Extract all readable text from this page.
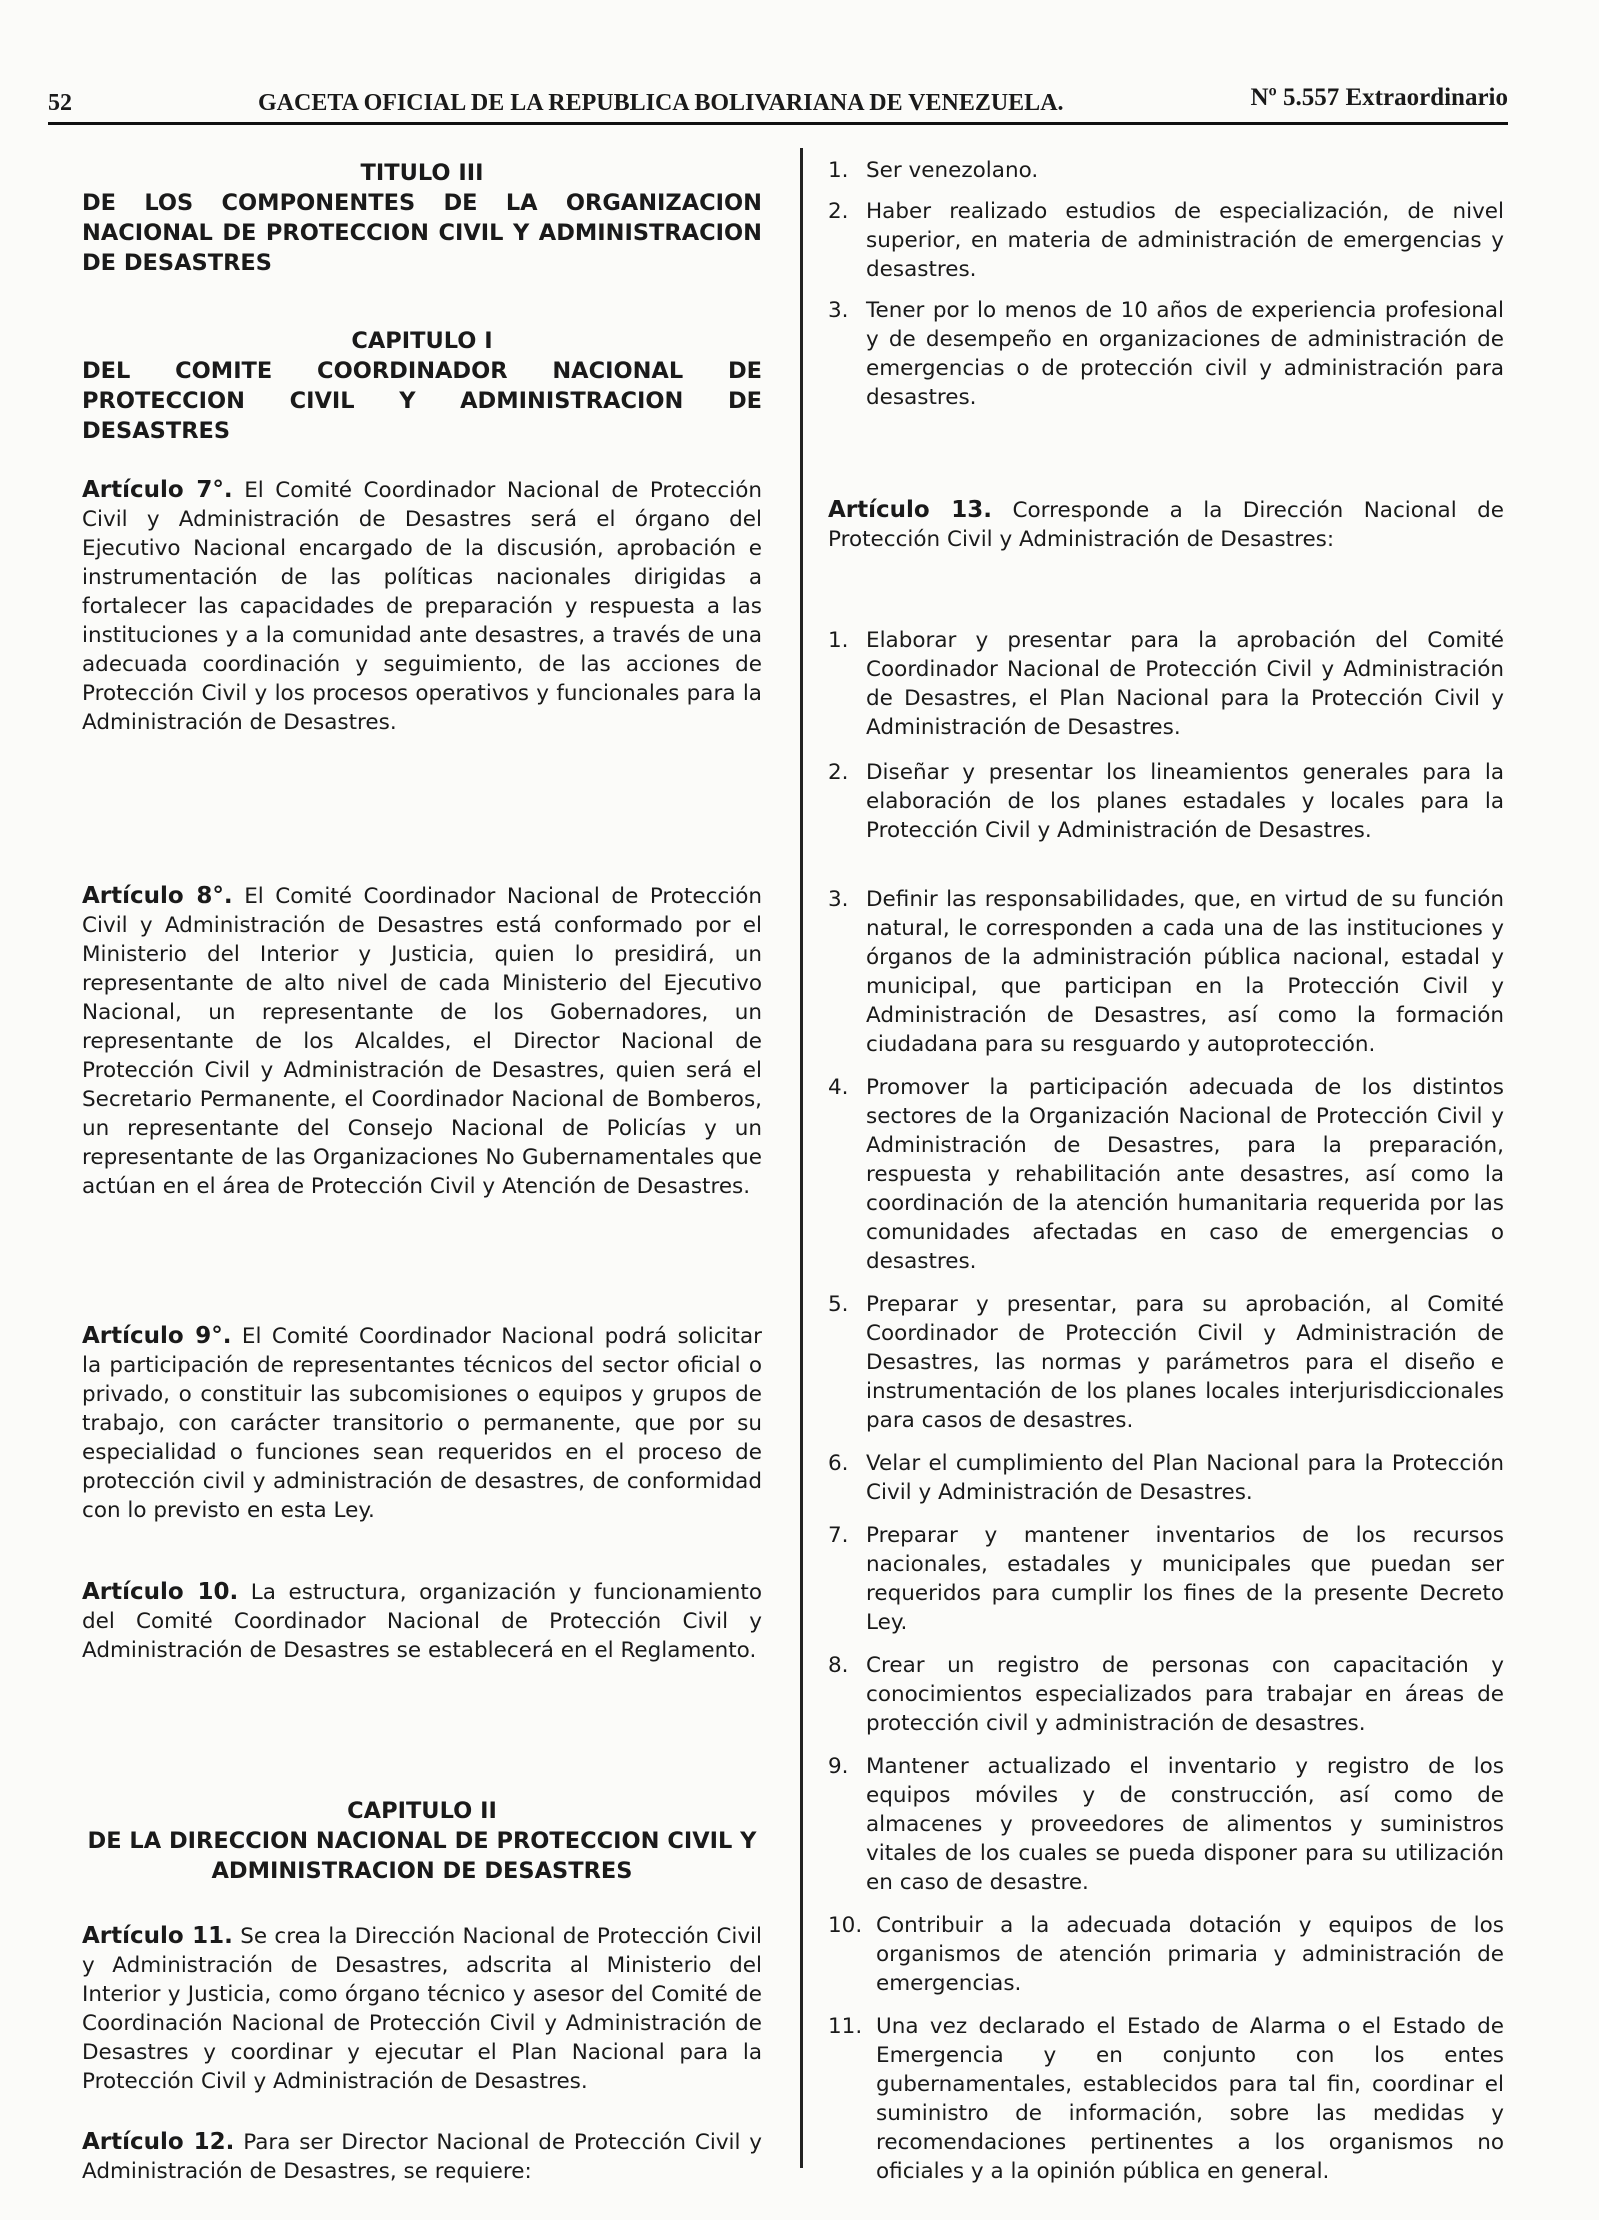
52	GACETA OFICIAL DE LA REPUBLICA BOLIVARIANA DE VENEZUELA.	Nº 5.557 Extraordinario
TITULO III
DE LOS COMPONENTES DE LA ORGANIZACION NACIONAL DE PROTECCION CIVIL Y ADMINISTRACION DE DESASTRES
CAPITULO I
DEL COMITE COORDINADOR NACIONAL DE PROTECCION CIVIL Y ADMINISTRACION DE DESASTRES

Artículo 7°. El Comité Coordinador Nacional de Protección Civil y Administración de Desastres será el órgano del Ejecutivo Nacional encargado de la discusión, aprobación e instrumentación de las políticas nacionales dirigidas a fortalecer las capacidades de preparación y respuesta a las instituciones y a la comunidad ante desastres, a través de una adecuada coordinación y seguimiento, de las acciones de Protección Civil y los procesos operativos y funcionales para la Administración de Desastres.

Artículo 8°. El Comité Coordinador Nacional de Protección Civil y Administración de Desastres está conformado por el Ministerio del Interior y Justicia, quien lo presidirá, un representante de alto nivel de cada Ministerio del Ejecutivo Nacional, un representante de los Gobernadores, un representante de los Alcaldes, el Director Nacional de Protección Civil y Administración de Desastres, quien será el Secretario Permanente, el Coordinador Nacional de Bomberos, un representante del Consejo Nacional de Policías y un representante de las Organizaciones No Gubernamentales que actúan en el área de Protección Civil y Atención de Desastres.

Artículo 9°. El Comité Coordinador Nacional podrá solicitar la participación de representantes técnicos del sector oficial o privado, o constituir las subcomisiones o equipos y grupos de trabajo, con carácter transitorio o permanente, que por su especialidad o funciones sean requeridos en el proceso de protección civil y administración de desastres, de conformidad con lo previsto en esta Ley.

Artículo 10. La estructura, organización y funcionamiento del Comité Coordinador Nacional de Protección Civil y Administración de Desastres se establecerá en el Reglamento.

CAPITULO II
DE LA DIRECCION NACIONAL DE PROTECCION CIVIL Y ADMINISTRACION DE DESASTRES

Artículo 11. Se crea la Dirección Nacional de Protección Civil y Administración de Desastres, adscrita al Ministerio del Interior y Justicia, como órgano técnico y asesor del Comité de Coordinación Nacional de Protección Civil y Administración de Desastres y coordinar y ejecutar el Plan Nacional para la Protección Civil y Administración de Desastres.

Artículo 12. Para ser Director Nacional de Protección Civil y Administración de Desastres, se requiere:

1. Ser venezolano.
2. Haber realizado estudios de especialización, de nivel superior, en materia de administración de emergencias y desastres.
3. Tener por lo menos de 10 años de experiencia profesional y de desempeño en organizaciones de administración de emergencias o de protección civil y administración para desastres.

Artículo 13. Corresponde a la Dirección Nacional de Protección Civil y Administración de Desastres:

1. Elaborar y presentar para la aprobación del Comité Coordinador Nacional de Protección Civil y Administración de Desastres, el Plan Nacional para la Protección Civil y Administración de Desastres.
2. Diseñar y presentar los lineamientos generales para la elaboración de los planes estadales y locales para la Protección Civil y Administración de Desastres.
3. Definir las responsabilidades, que, en virtud de su función natural, le corresponden a cada una de las instituciones y órganos de la administración pública nacional, estadal y municipal, que participan en la Protección Civil y Administración de Desastres, así como la formación ciudadana para su resguardo y autoprotección.
4. Promover la participación adecuada de los distintos sectores de la Organización Nacional de Protección Civil y Administración de Desastres, para la preparación, respuesta y rehabilitación ante desastres, así como la coordinación de la atención humanitaria requerida por las comunidades afectadas en caso de emergencias o desastres.
5. Preparar y presentar, para su aprobación, al Comité Coordinador de Protección Civil y Administración de Desastres, las normas y parámetros para el diseño e instrumentación de los planes locales interjurisdiccionales para casos de desastres.
6. Velar el cumplimiento del Plan Nacional para la Protección Civil y Administración de Desastres.
7. Preparar y mantener inventarios de los recursos nacionales, estadales y municipales que puedan ser requeridos para cumplir los fines de la presente Decreto Ley.
8. Crear un registro de personas con capacitación y conocimientos especializados para trabajar en áreas de protección civil y administración de desastres.
9. Mantener actualizado el inventario y registro de los equipos móviles y de construcción, así como de almacenes y proveedores de alimentos y suministros vitales de los cuales se pueda disponer para su utilización en caso de desastre.
10. Contribuir a la adecuada dotación y equipos de los organismos de atención primaria y administración de emergencias.
11. Una vez declarado el Estado de Alarma o el Estado de Emergencia y en conjunto con los entes gubernamentales, establecidos para tal fin, coordinar el suministro de información, sobre las medidas y recomendaciones pertinentes a los organismos no oficiales y a la opinión pública en general.
